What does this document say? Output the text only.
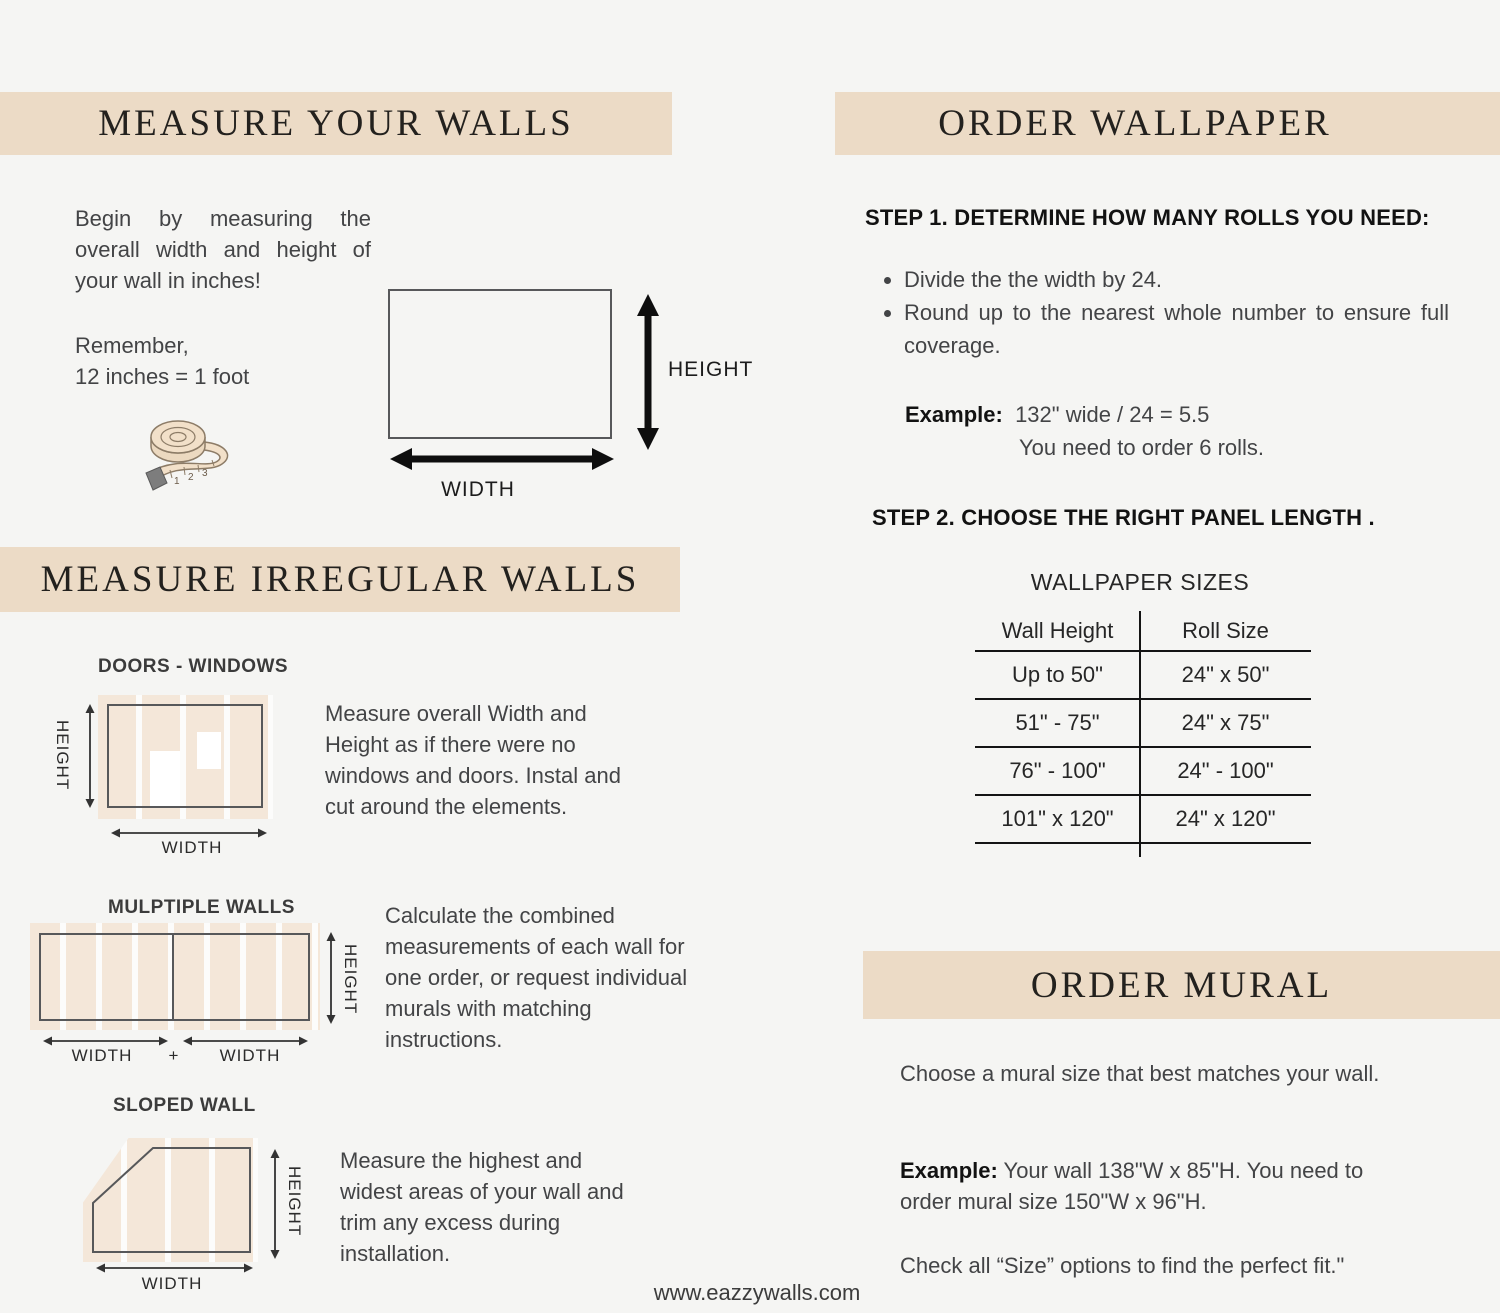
MEASURE YOUR WALLS	ORDER WALLPAPER
MEASURE IRREGULAR WALLS
ORDER MURAL
Begin by measuring the overall width and height of your wall in inches!
Remember,
12 inches = 1 foot
1 2 3
HEIGHT
WIDTH
DOORS - WINDOWS
HEIGHT
WIDTH
Measure overall Width and Height as if there were no windows and doors. Instal and cut around the elements.
MULPTIPLE WALLS
HEIGHT
WIDTH	+	WIDTH
Calculate the combined measurements of each wall for one order, or request individual murals with matching instructions.
SLOPED WALL
HEIGHT
WIDTH
Measure the highest and widest areas of your wall and trim any excess during installation.
STEP 1. DETERMINE HOW MANY ROLLS YOU NEED:
• Divide the the width by 24.
• Round up to the nearest whole number to ensure full coverage.
Example: 132" wide / 24 = 5.5
You need to order 6 rolls.
STEP 2. CHOOSE THE RIGHT PANEL LENGTH .
WALLPAPER SIZES
Wall Height	Roll Size
Up to 50"	24" x 50"
51" - 75"	24" x 75"
76" - 100"	24" - 100"
101" x 120"	24" x 120"
Choose a mural size that best matches your wall.
Example: Your wall 138"W x 85"H. You need to order mural size 150"W x 96"H.
Check all “Size” options to find the perfect fit."
www.eazzywalls.com
